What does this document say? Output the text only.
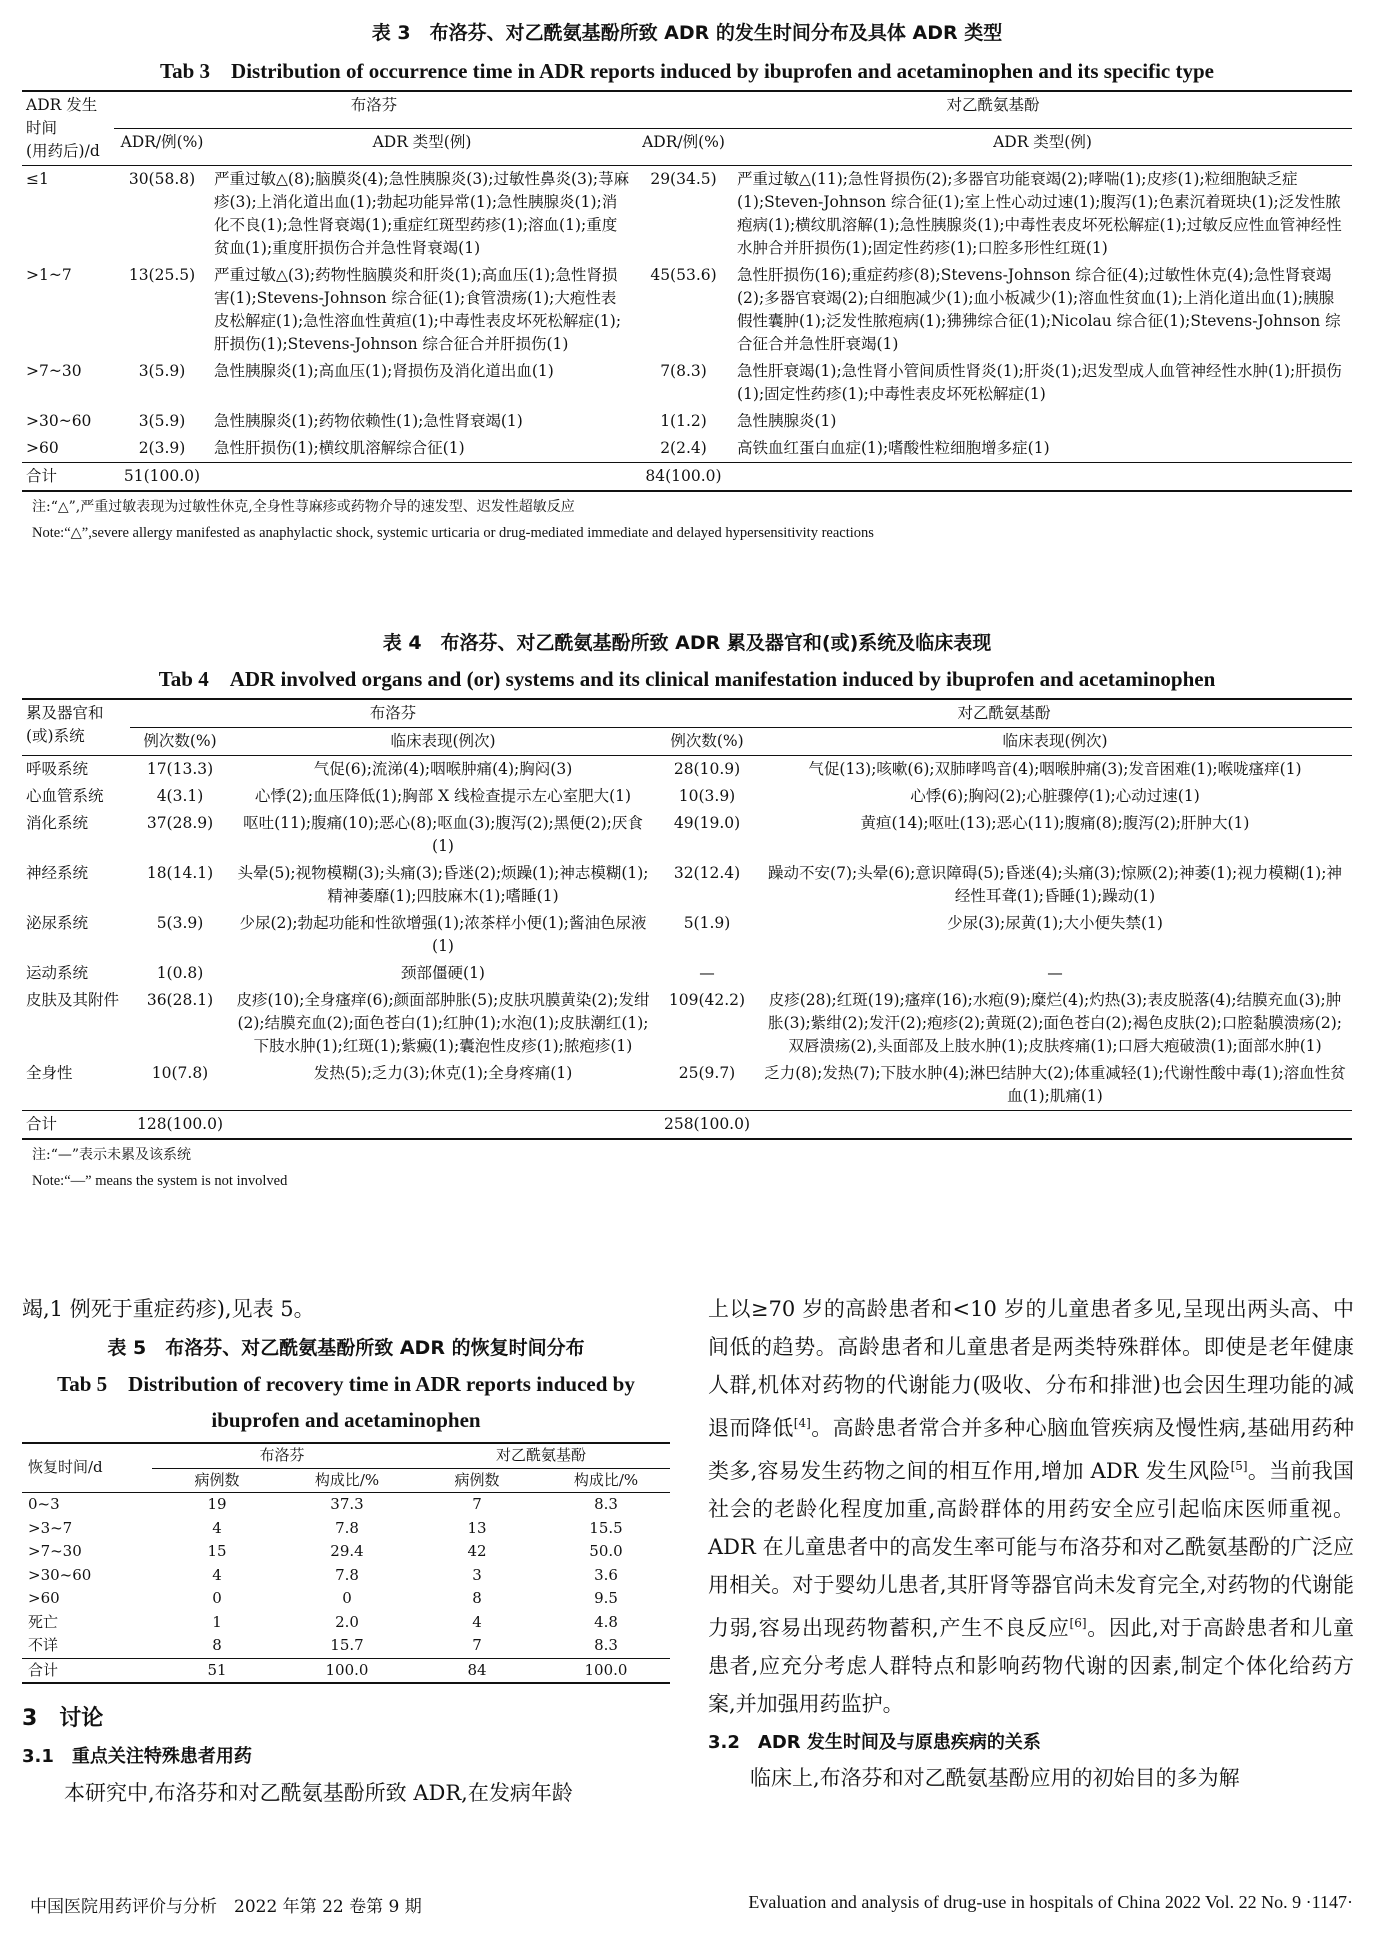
表 3　布洛芬、对乙酰氨基酚所致 ADR 的发生时间分布及具体 ADR 类型
Tab 3　Distribution of occurrence time in ADR reports induced by ibuprofen and acetaminophen and its specific type
ADR 发生时间
(用药后)/d	布洛芬		对乙酰氨基酚	
	ADR/例(%)	ADR 类型(例)	ADR/例(%)	ADR 类型(例)
≤1	30(58.8)	严重过敏△(8);脑膜炎(4);急性胰腺炎(3);过敏性鼻炎(3);荨麻疹(3);上消化道出血(1);勃起功能异常(1);急性胰腺炎(1);消化不良(1);急性肾衰竭(1);重症红斑型药疹(1);溶血(1);重度贫血(1);重度肝损伤合并急性肾衰竭(1)	29(34.5)	严重过敏△(11);急性肾损伤(2);多器官功能衰竭(2);哮喘(1);皮疹(1);粒细胞缺乏症(1);Steven-Johnson 综合征(1);室上性心动过速(1);腹泻(1);色素沉着斑块(1);泛发性脓疱病(1);横纹肌溶解(1);急性胰腺炎(1);中毒性表皮坏死松解症(1);过敏反应性血管神经性水肿合并肝损伤(1);固定性药疹(1);口腔多形性红斑(1)
>1~7	13(25.5)	严重过敏△(3);药物性脑膜炎和肝炎(1);高血压(1);急性肾损害(1);Stevens-Johnson 综合征(1);食管溃疡(1);大疱性表皮松解症(1);急性溶血性黄疸(1);中毒性表皮坏死松解症(1);肝损伤(1);Stevens-Johnson 综合征合并肝损伤(1)	45(53.6)	急性肝损伤(16);重症药疹(8);Stevens-Johnson 综合征(4);过敏性休克(4);急性肾衰竭(2);多器官衰竭(2);白细胞减少(1);血小板减少(1);溶血性贫血(1);上消化道出血(1);胰腺假性囊肿(1);泛发性脓疱病(1);狒狒综合征(1);Nicolau 综合征(1);Stevens-Johnson 综合征合并急性肝衰竭(1)
>7~30	3(5.9)	急性胰腺炎(1);高血压(1);肾损伤及消化道出血(1)	7(8.3)	急性肝衰竭(1);急性肾小管间质性肾炎(1);肝炎(1);迟发型成人血管神经性水肿(1);肝损伤(1);固定性药疹(1);中毒性表皮坏死松解症(1)
>30~60	3(5.9)	急性胰腺炎(1);药物依赖性(1);急性肾衰竭(1)	1(1.2)	急性胰腺炎(1)
>60	2(3.9)	急性肝损伤(1);横纹肌溶解综合征(1)	2(2.4)	高铁血红蛋白血症(1);嗜酸性粒细胞增多症(1)
合计	51(100.0)		84(100.0)	
注:“△”,严重过敏表现为过敏性休克,全身性荨麻疹或药物介导的速发型、迟发性超敏反应
Note:“△”,severe allergy manifested as anaphylactic shock, systemic urticaria or drug-mediated immediate and delayed hypersensitivity reactions
表 4　布洛芬、对乙酰氨基酚所致 ADR 累及器官和(或)系统及临床表现
Tab 4　ADR involved organs and (or) systems and its clinical manifestation induced by ibuprofen and acetaminophen
累及器官和
(或)系统	布洛芬		对乙酰氨基酚	
	例次数(%)	临床表现(例次)	例次数(%)	临床表现(例次)
呼吸系统	17(13.3)	气促(6);流涕(4);咽喉肿痛(4);胸闷(3)	28(10.9)	气促(13);咳嗽(6);双肺哮鸣音(4);咽喉肿痛(3);发音困难(1);喉咙瘙痒(1)
心血管系统	4(3.1)	心悸(2);血压降低(1);胸部 X 线检查提示左心室肥大(1)	10(3.9)	心悸(6);胸闷(2);心脏骤停(1);心动过速(1)
消化系统	37(28.9)	呕吐(11);腹痛(10);恶心(8);呕血(3);腹泻(2);黑便(2);厌食(1)	49(19.0)	黄疸(14);呕吐(13);恶心(11);腹痛(8);腹泻(2);肝肿大(1)
神经系统	18(14.1)	头晕(5);视物模糊(3);头痛(3);昏迷(2);烦躁(1);神志模糊(1);精神萎靡(1);四肢麻木(1);嗜睡(1)	32(12.4)	躁动不安(7);头晕(6);意识障碍(5);昏迷(4);头痛(3);惊厥(2);神萎(1);视力模糊(1);神经性耳聋(1);昏睡(1);躁动(1)
泌尿系统	5(3.9)	少尿(2);勃起功能和性欲增强(1);浓茶样小便(1);酱油色尿液(1)	5(1.9)	少尿(3);尿黄(1);大小便失禁(1)
运动系统	1(0.8)	颈部僵硬(1)	—	—
皮肤及其附件	36(28.1)	皮疹(10);全身瘙痒(6);颜面部肿胀(5);皮肤巩膜黄染(2);发绀(2);结膜充血(2);面色苍白(1);红肿(1);水泡(1);皮肤潮红(1);下肢水肿(1);红斑(1);紫癜(1);囊泡性皮疹(1);脓疱疹(1)	109(42.2)	皮疹(28);红斑(19);瘙痒(16);水疱(9);糜烂(4);灼热(3);表皮脱落(4);结膜充血(3);肿胀(3);紫绀(2);发汗(2);疱疹(2);黄斑(2);面色苍白(2);褐色皮肤(2);口腔黏膜溃疡(2);双唇溃疡(2),头面部及上肢水肿(1);皮肤疼痛(1);口唇大疱破溃(1);面部水肿(1)
全身性	10(7.8)	发热(5);乏力(3);休克(1);全身疼痛(1)	25(9.7)	乏力(8);发热(7);下肢水肿(4);淋巴结肿大(2);体重减轻(1);代谢性酸中毒(1);溶血性贫血(1);肌痛(1)
合计	128(100.0)		258(100.0)	
注:“—”表示未累及该系统
Note:“—” means the system is not involved
竭,1 例死于重症药疹),见表 5。
表 5　布洛芬、对乙酰氨基酚所致 ADR 的恢复时间分布
Tab 5　Distribution of recovery time in ADR reports induced by ibuprofen and acetaminophen
恢复时间/d	布洛芬		对乙酰氨基酚	
	病例数	构成比/%	病例数	构成比/%
0~3	19	37.3	7	8.3
>3~7	4	7.8	13	15.5
>7~30	15	29.4	42	50.0
>30~60	4	7.8	3	3.6
>60	0	0	8	9.5
死亡	1	2.0	4	4.8
不详	8	15.7	7	8.3
合计	51	100.0	84	100.0
3　讨论
3.1　重点关注特殊患者用药
本研究中,布洛芬和对乙酰氨基酚所致 ADR,在发病年龄
上以≥70 岁的高龄患者和<10 岁的儿童患者多见,呈现出两头高、中间低的趋势。高龄患者和儿童患者是两类特殊群体。即使是老年健康人群,机体对药物的代谢能力(吸收、分布和排泄)也会因生理功能的减退而降低[4]。高龄患者常合并多种心脑血管疾病及慢性病,基础用药种类多,容易发生药物之间的相互作用,增加 ADR 发生风险[5]。当前我国社会的老龄化程度加重,高龄群体的用药安全应引起临床医师重视。ADR 在儿童患者中的高发生率可能与布洛芬和对乙酰氨基酚的广泛应用相关。对于婴幼儿患者,其肝肾等器官尚未发育完全,对药物的代谢能力弱,容易出现药物蓄积,产生不良反应[6]。因此,对于高龄患者和儿童患者,应充分考虑人群特点和影响药物代谢的因素,制定个体化给药方案,并加强用药监护。
3.2　ADR 发生时间及与原患疾病的关系
临床上,布洛芬和对乙酰氨基酚应用的初始目的多为解
中国医院用药评价与分析　2022 年第 22 卷第 9 期	Evaluation and analysis of drug-use in hospitals of China 2022 Vol. 22 No. 9 ·1147·
